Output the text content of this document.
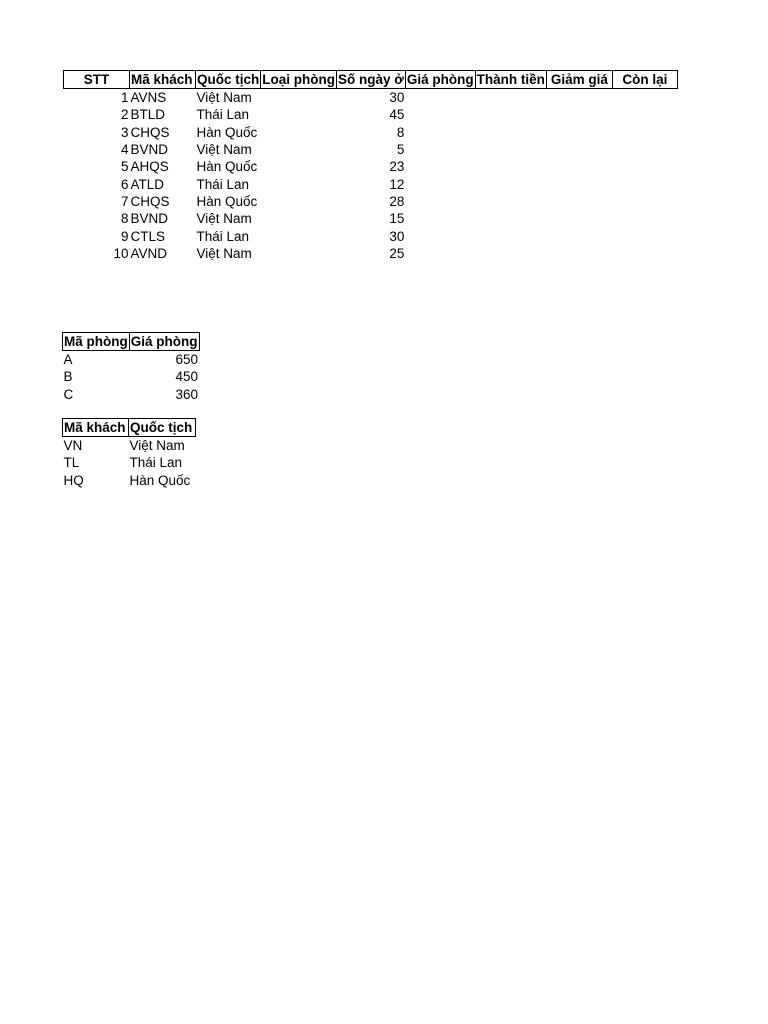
STT	Mã khách	Quốc tịch	Loại phòng	Số ngày ở	Giá phòng	Thành tiền	Giảm giá	Còn lại
1	AVNS	Việt Nam		30				
2	BTLD	Thái Lan		45				
3	CHQS	Hàn Quốc		8				
4	BVND	Việt Nam		5				
5	AHQS	Hàn Quốc		23				
6	ATLD	Thái Lan		12				
7	CHQS	Hàn Quốc		28				
8	BVND	Việt Nam		15				
9	CTLS	Thái Lan		30				
10	AVND	Việt Nam		25				
Mã phòng	Giá phòng
A	650
B	450
C	360
Mã khách	Quốc tịch
VN	Việt Nam
TL	Thái Lan
HQ	Hàn Quốc
